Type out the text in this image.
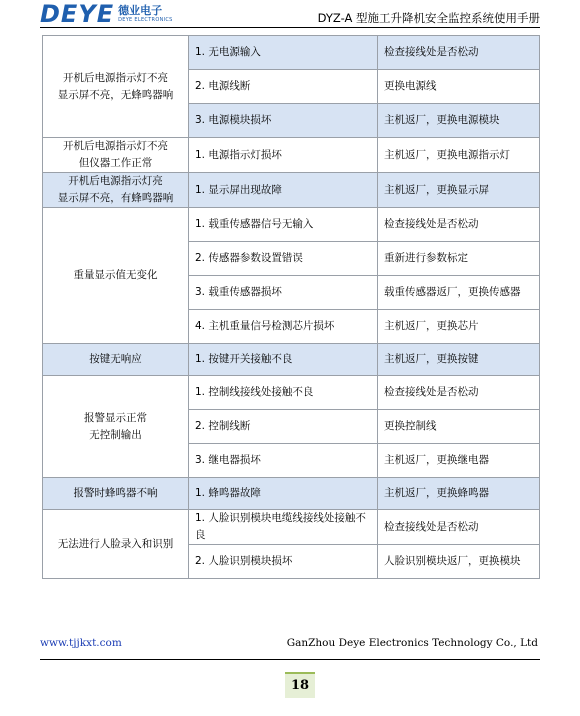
DEYE 德业电子
DEYE ELECTRONICS	DYZ-A 型施工升降机安全监控系统使用手册
开机后电源指示灯不亮
显示屏不亮，无蜂鸣器响	1. 无电源输入	检查接线处是否松动
	2. 电源线断	更换电源线
	3. 电源模块损坏	主机返厂，更换电源模块

开机后电源指示灯不亮
但仪器工作正常	1. 电源指示灯损坏	主机返厂，更换电源指示灯

开机后电源指示灯亮
显示屏不亮，有蜂鸣器响	1. 显示屏出现故障	主机返厂，更换显示屏

重量显示值无变化	1. 载重传感器信号无输入	检查接线处是否松动
	2. 传感器参数设置错误	重新进行参数标定
	3. 载重传感器损坏	载重传感器返厂，更换传感器
	4. 主机重量信号检测芯片损坏	主机返厂，更换芯片

按键无响应	1. 按键开关接触不良	主机返厂，更换按键

报警显示正常
无控制输出	1. 控制线接线处接触不良	检查接线处是否松动
	2. 控制线断	更换控制线
	3. 继电器损坏	主机返厂，更换继电器

报警时蜂鸣器不响	1. 蜂鸣器故障	主机返厂，更换蜂鸣器

无法进行人脸录入和识别	1. 人脸识别模块电缆线接线处接触不良	检查接线处是否松动
	2. 人脸识别模块损坏	人脸识别模块返厂，更换模块
www.tjjkxt.com	GanZhou Deye Electronics Technology Co., Ltd
18
